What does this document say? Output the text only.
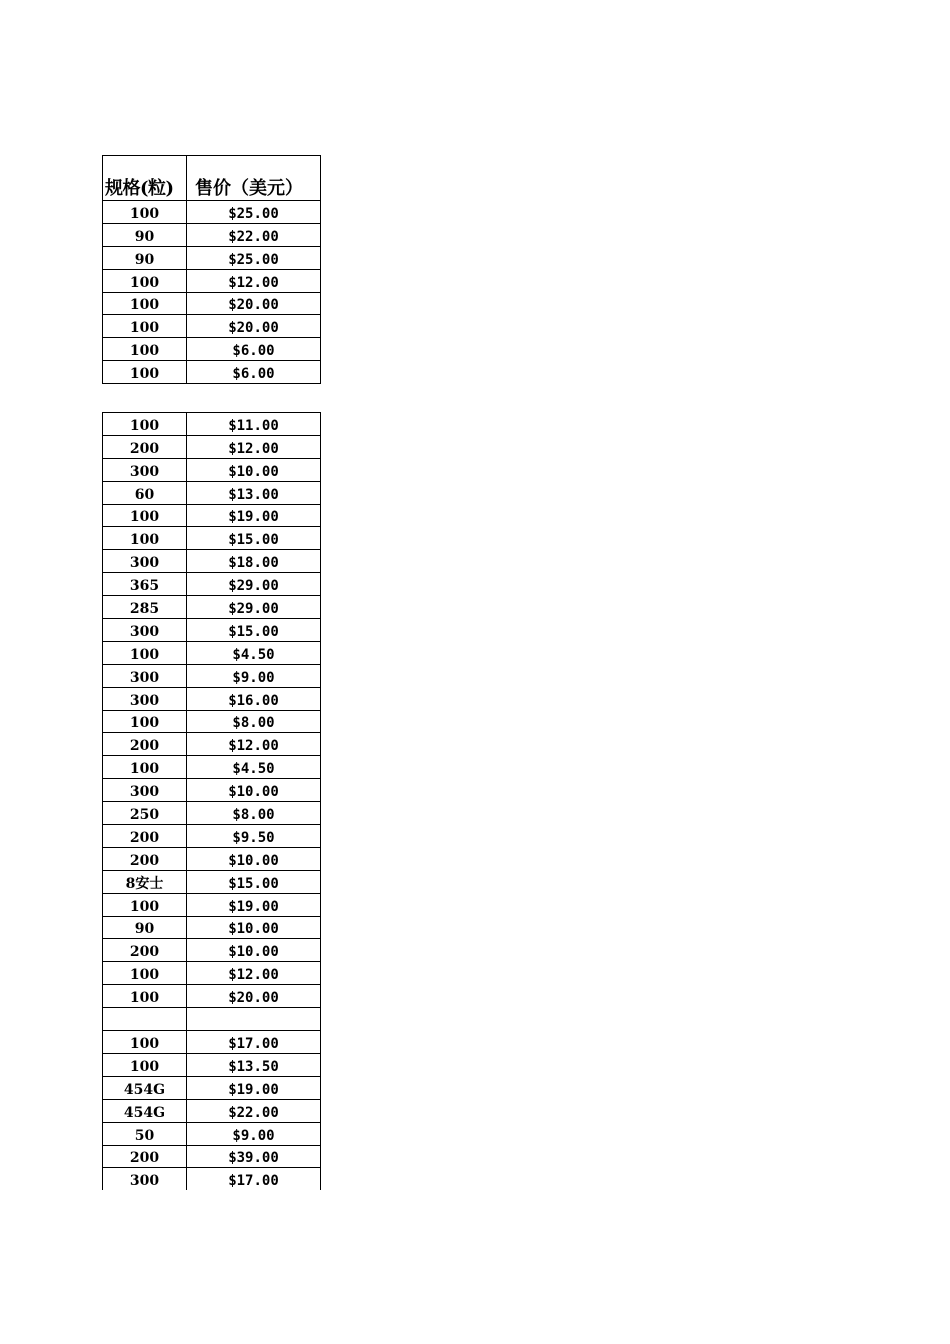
规格(粒)	售价（美元）
100	$25.00
90	$22.00
90	$25.00
100	$12.00
100	$20.00
100	$20.00
100	$6.00
100	$6.00
100	$11.00
200	$12.00
300	$10.00
60	$13.00
100	$19.00
100	$15.00
300	$18.00
365	$29.00
285	$29.00
300	$15.00
100	$4.50
300	$9.00
300	$16.00
100	$8.00
200	$12.00
100	$4.50
300	$10.00
250	$8.00
200	$9.50
200	$10.00
8安士	$15.00
100	$19.00
90	$10.00
200	$10.00
100	$12.00
100	$20.00

100	$17.00
100	$13.50
454G	$19.00
454G	$22.00
50	$9.00
200	$39.00
300	$17.00
